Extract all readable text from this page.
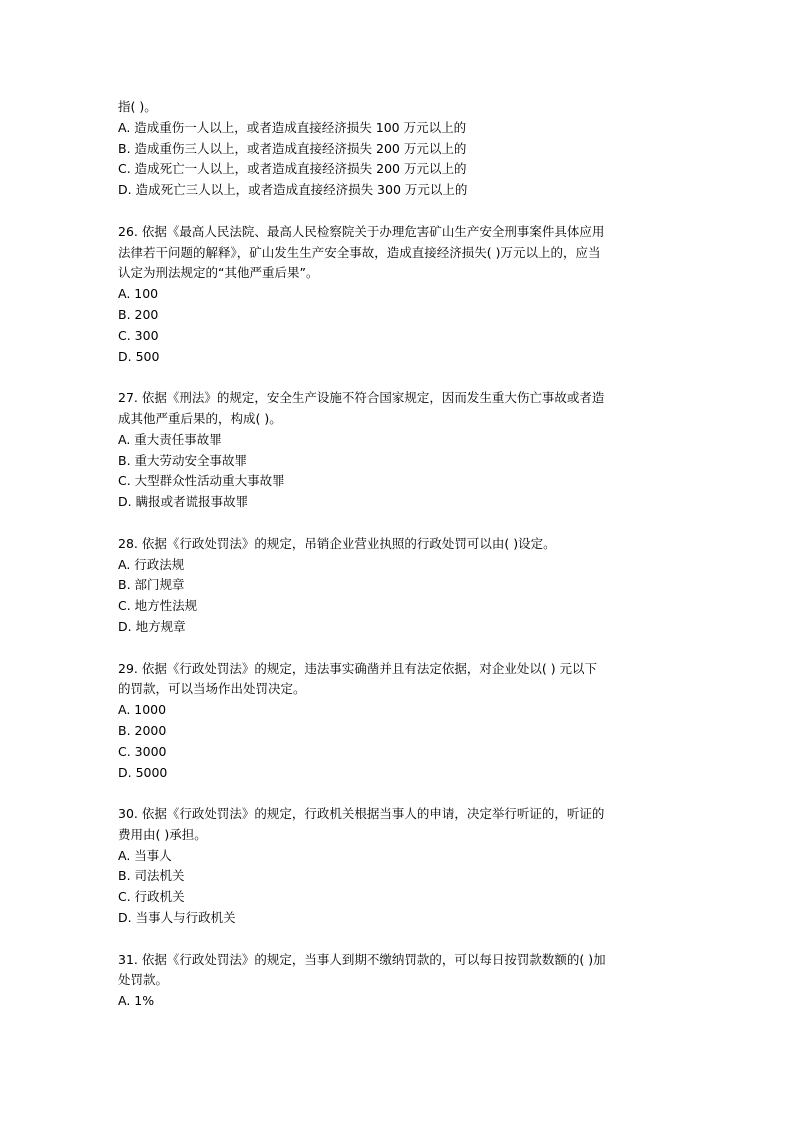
指( )。
A. 造成重伤一人以上，或者造成直接经济损失 100 万元以上的
B. 造成重伤三人以上，或者造成直接经济损失 200 万元以上的
C. 造成死亡一人以上，或者造成直接经济损失 200 万元以上的
D. 造成死亡三人以上，或者造成直接经济损失 300 万元以上的
26. 依据《最高人民法院、最高人民检察院关于办理危害矿山生产安全刑事案件具体应用
法律若干问题的解释》，矿山发生生产安全事故，造成直接经济损失( )万元以上的，应当
认定为刑法规定的“其他严重后果”。
A. 100
B. 200
C. 300
D. 500
27. 依据《刑法》的规定，安全生产设施不符合国家规定，因而发生重大伤亡事故或者造
成其他严重后果的，构成( )。
A. 重大责任事故罪
B. 重大劳动安全事故罪
C. 大型群众性活动重大事故罪
D. 瞒报或者谎报事故罪
28. 依据《行政处罚法》的规定，吊销企业营业执照的行政处罚可以由( )设定。
A. 行政法规
B. 部门规章
C. 地方性法规
D. 地方规章
29. 依据《行政处罚法》的规定，违法事实确凿并且有法定依据，对企业处以( ) 元以下
的罚款，可以当场作出处罚决定。
A. 1000
B. 2000
C. 3000
D. 5000
30. 依据《行政处罚法》的规定，行政机关根据当事人的申请，决定举行听证的，听证的
费用由( )承担。
A. 当事人
B. 司法机关
C. 行政机关
D. 当事人与行政机关
31. 依据《行政处罚法》的规定，当事人到期不缴纳罚款的，可以每日按罚款数额的( )加
处罚款。
A. 1%
